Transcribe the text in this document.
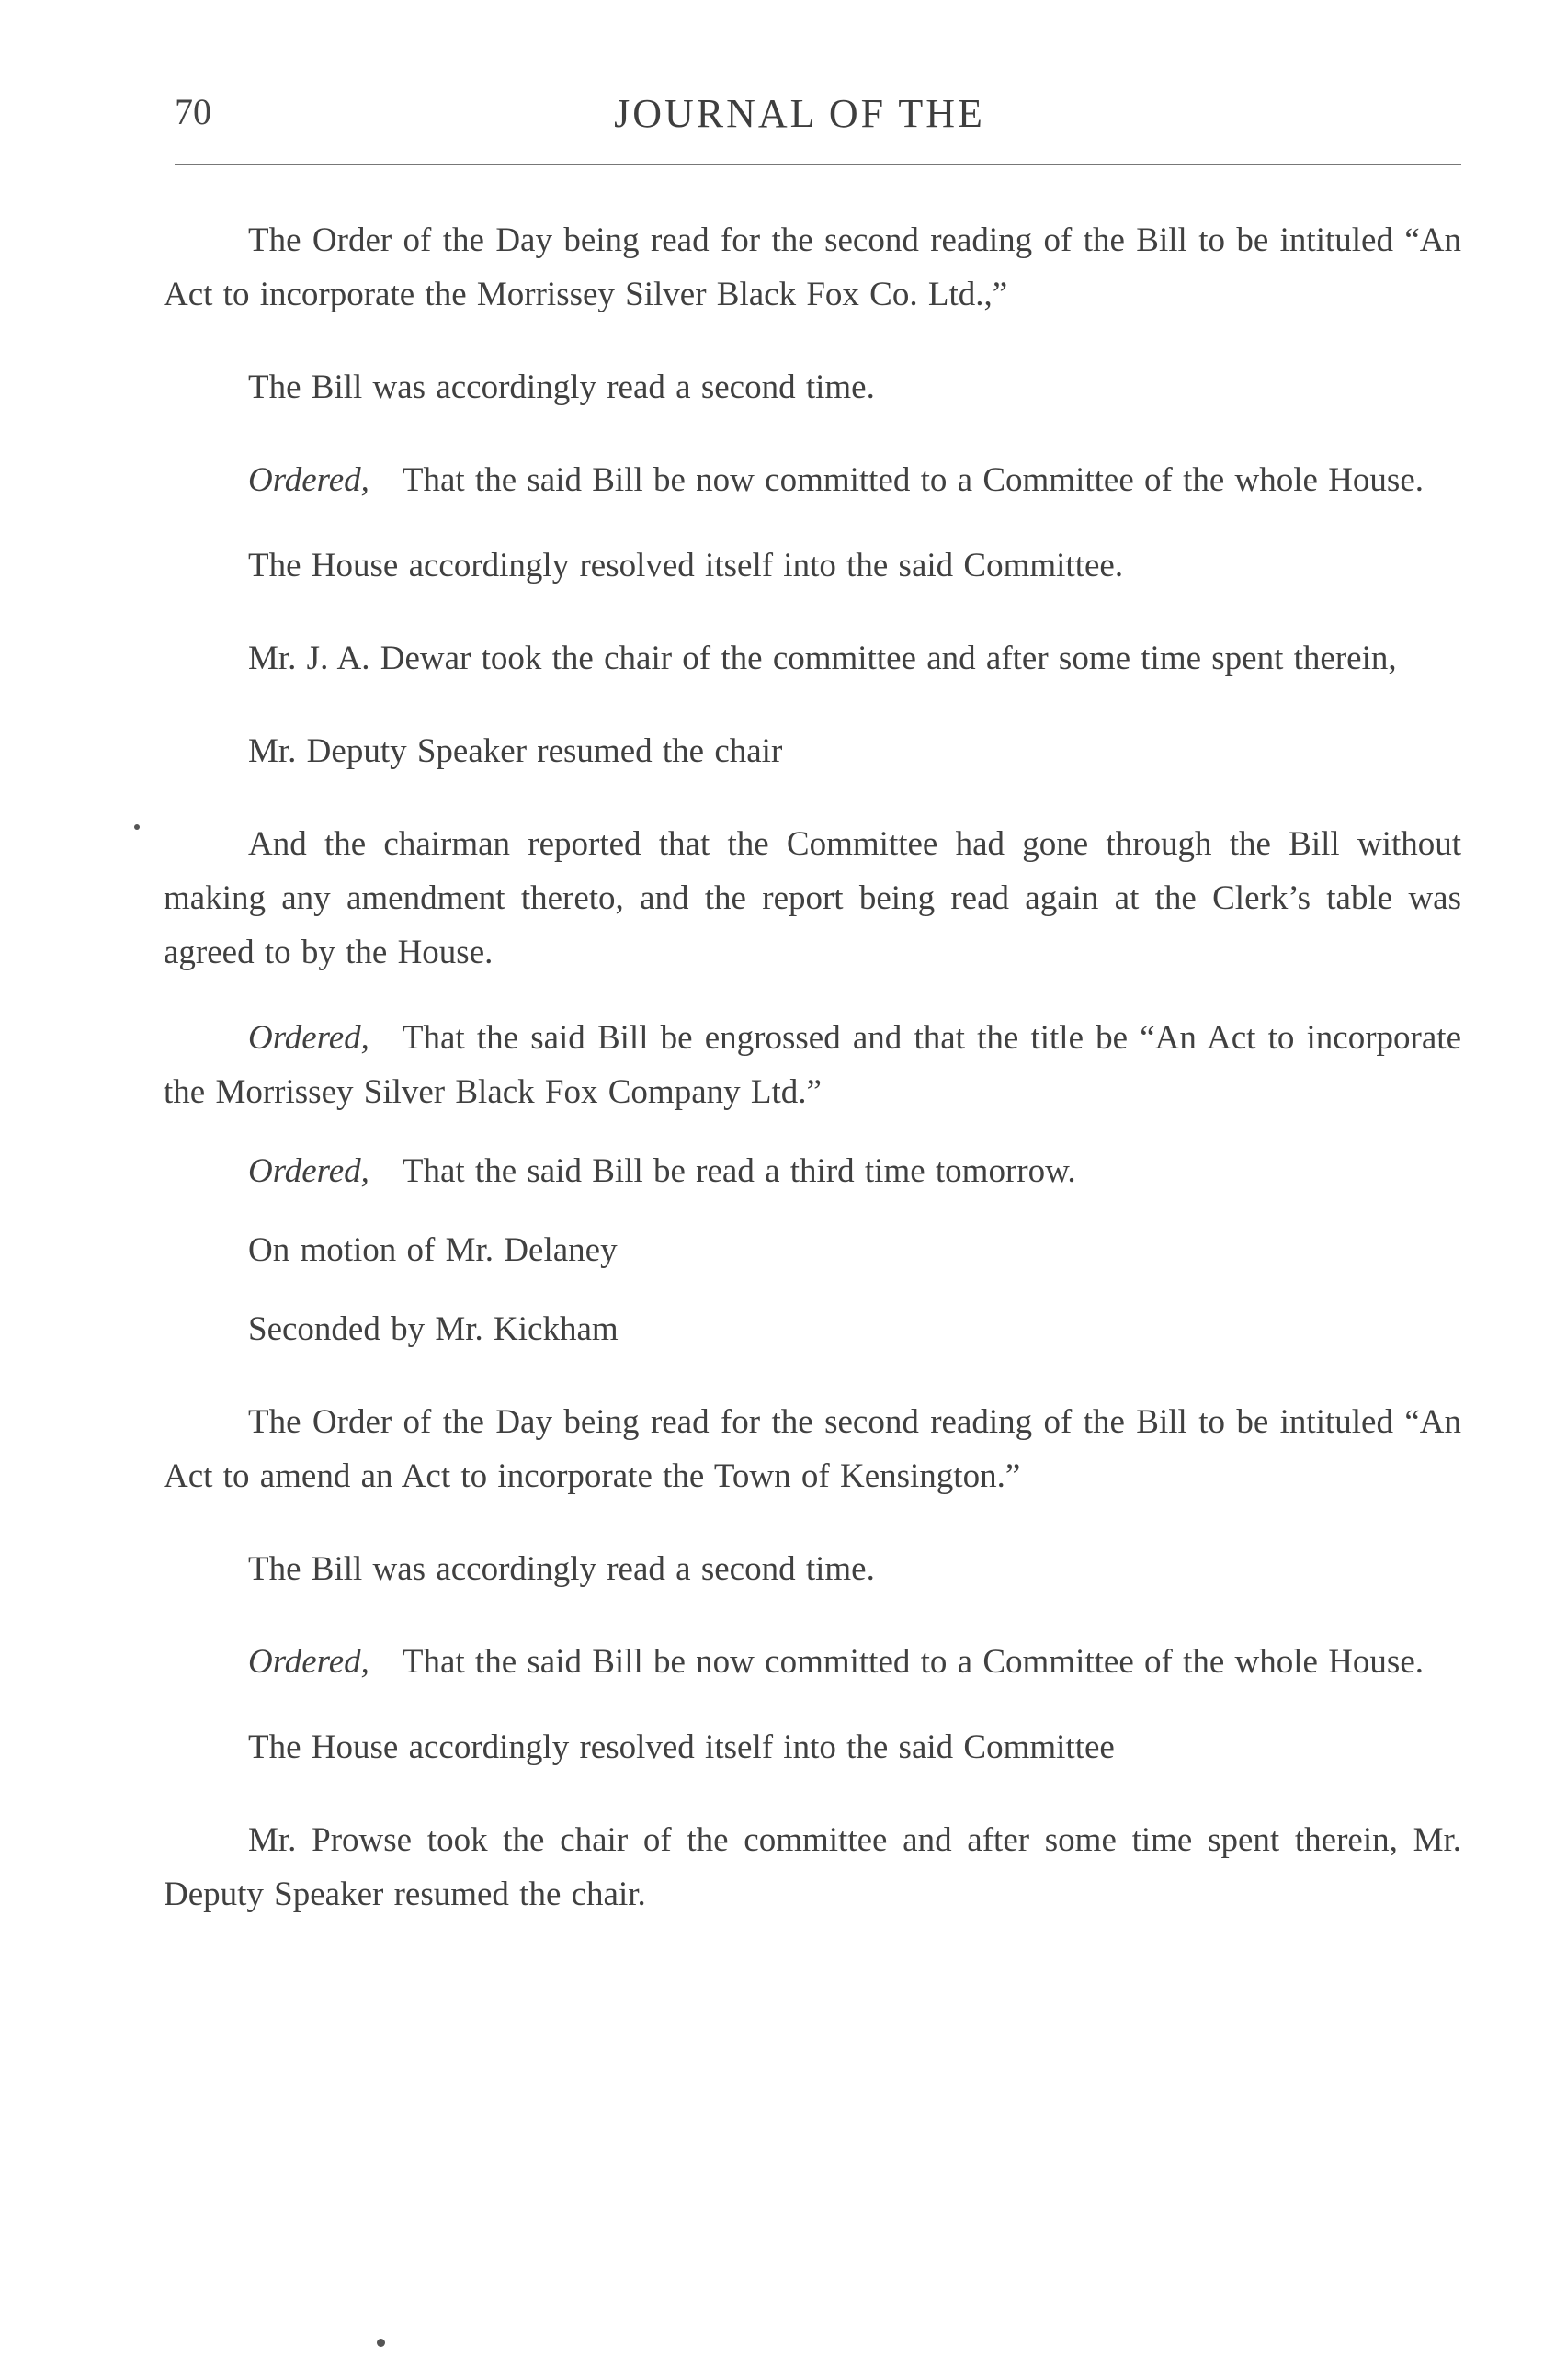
70	JOURNAL OF THE

The Order of the Day being read for the second reading of the Bill to be intituled “An Act to incorporate the Morrissey Silver Black Fox Co. Ltd.,”

The Bill was accordingly read a second time.

Ordered, That the said Bill be now committed to a Committee of the whole House.

The House accordingly resolved itself into the said Committee.

Mr. J. A. Dewar took the chair of the committee and after some time spent therein,

Mr. Deputy Speaker resumed the chair

And the chairman reported that the Committee had gone through the Bill without making any amendment thereto, and the report being read again at the Clerk’s table was agreed to by the House.

Ordered, That the said Bill be engrossed and that the title be “An Act to incorporate the Morrissey Silver Black Fox Company Ltd.”

Ordered, That the said Bill be read a third time tomorrow.

On motion of Mr. Delaney

Seconded by Mr. Kickham

The Order of the Day being read for the second reading of the Bill to be intituled “An Act to amend an Act to incorporate the Town of Kensington.”

The Bill was accordingly read a second time.

Ordered, That the said Bill be now committed to a Committee of the whole House.

The House accordingly resolved itself into the said Committee

Mr. Prowse took the chair of the committee and after some time spent therein, Mr. Deputy Speaker resumed the chair.
